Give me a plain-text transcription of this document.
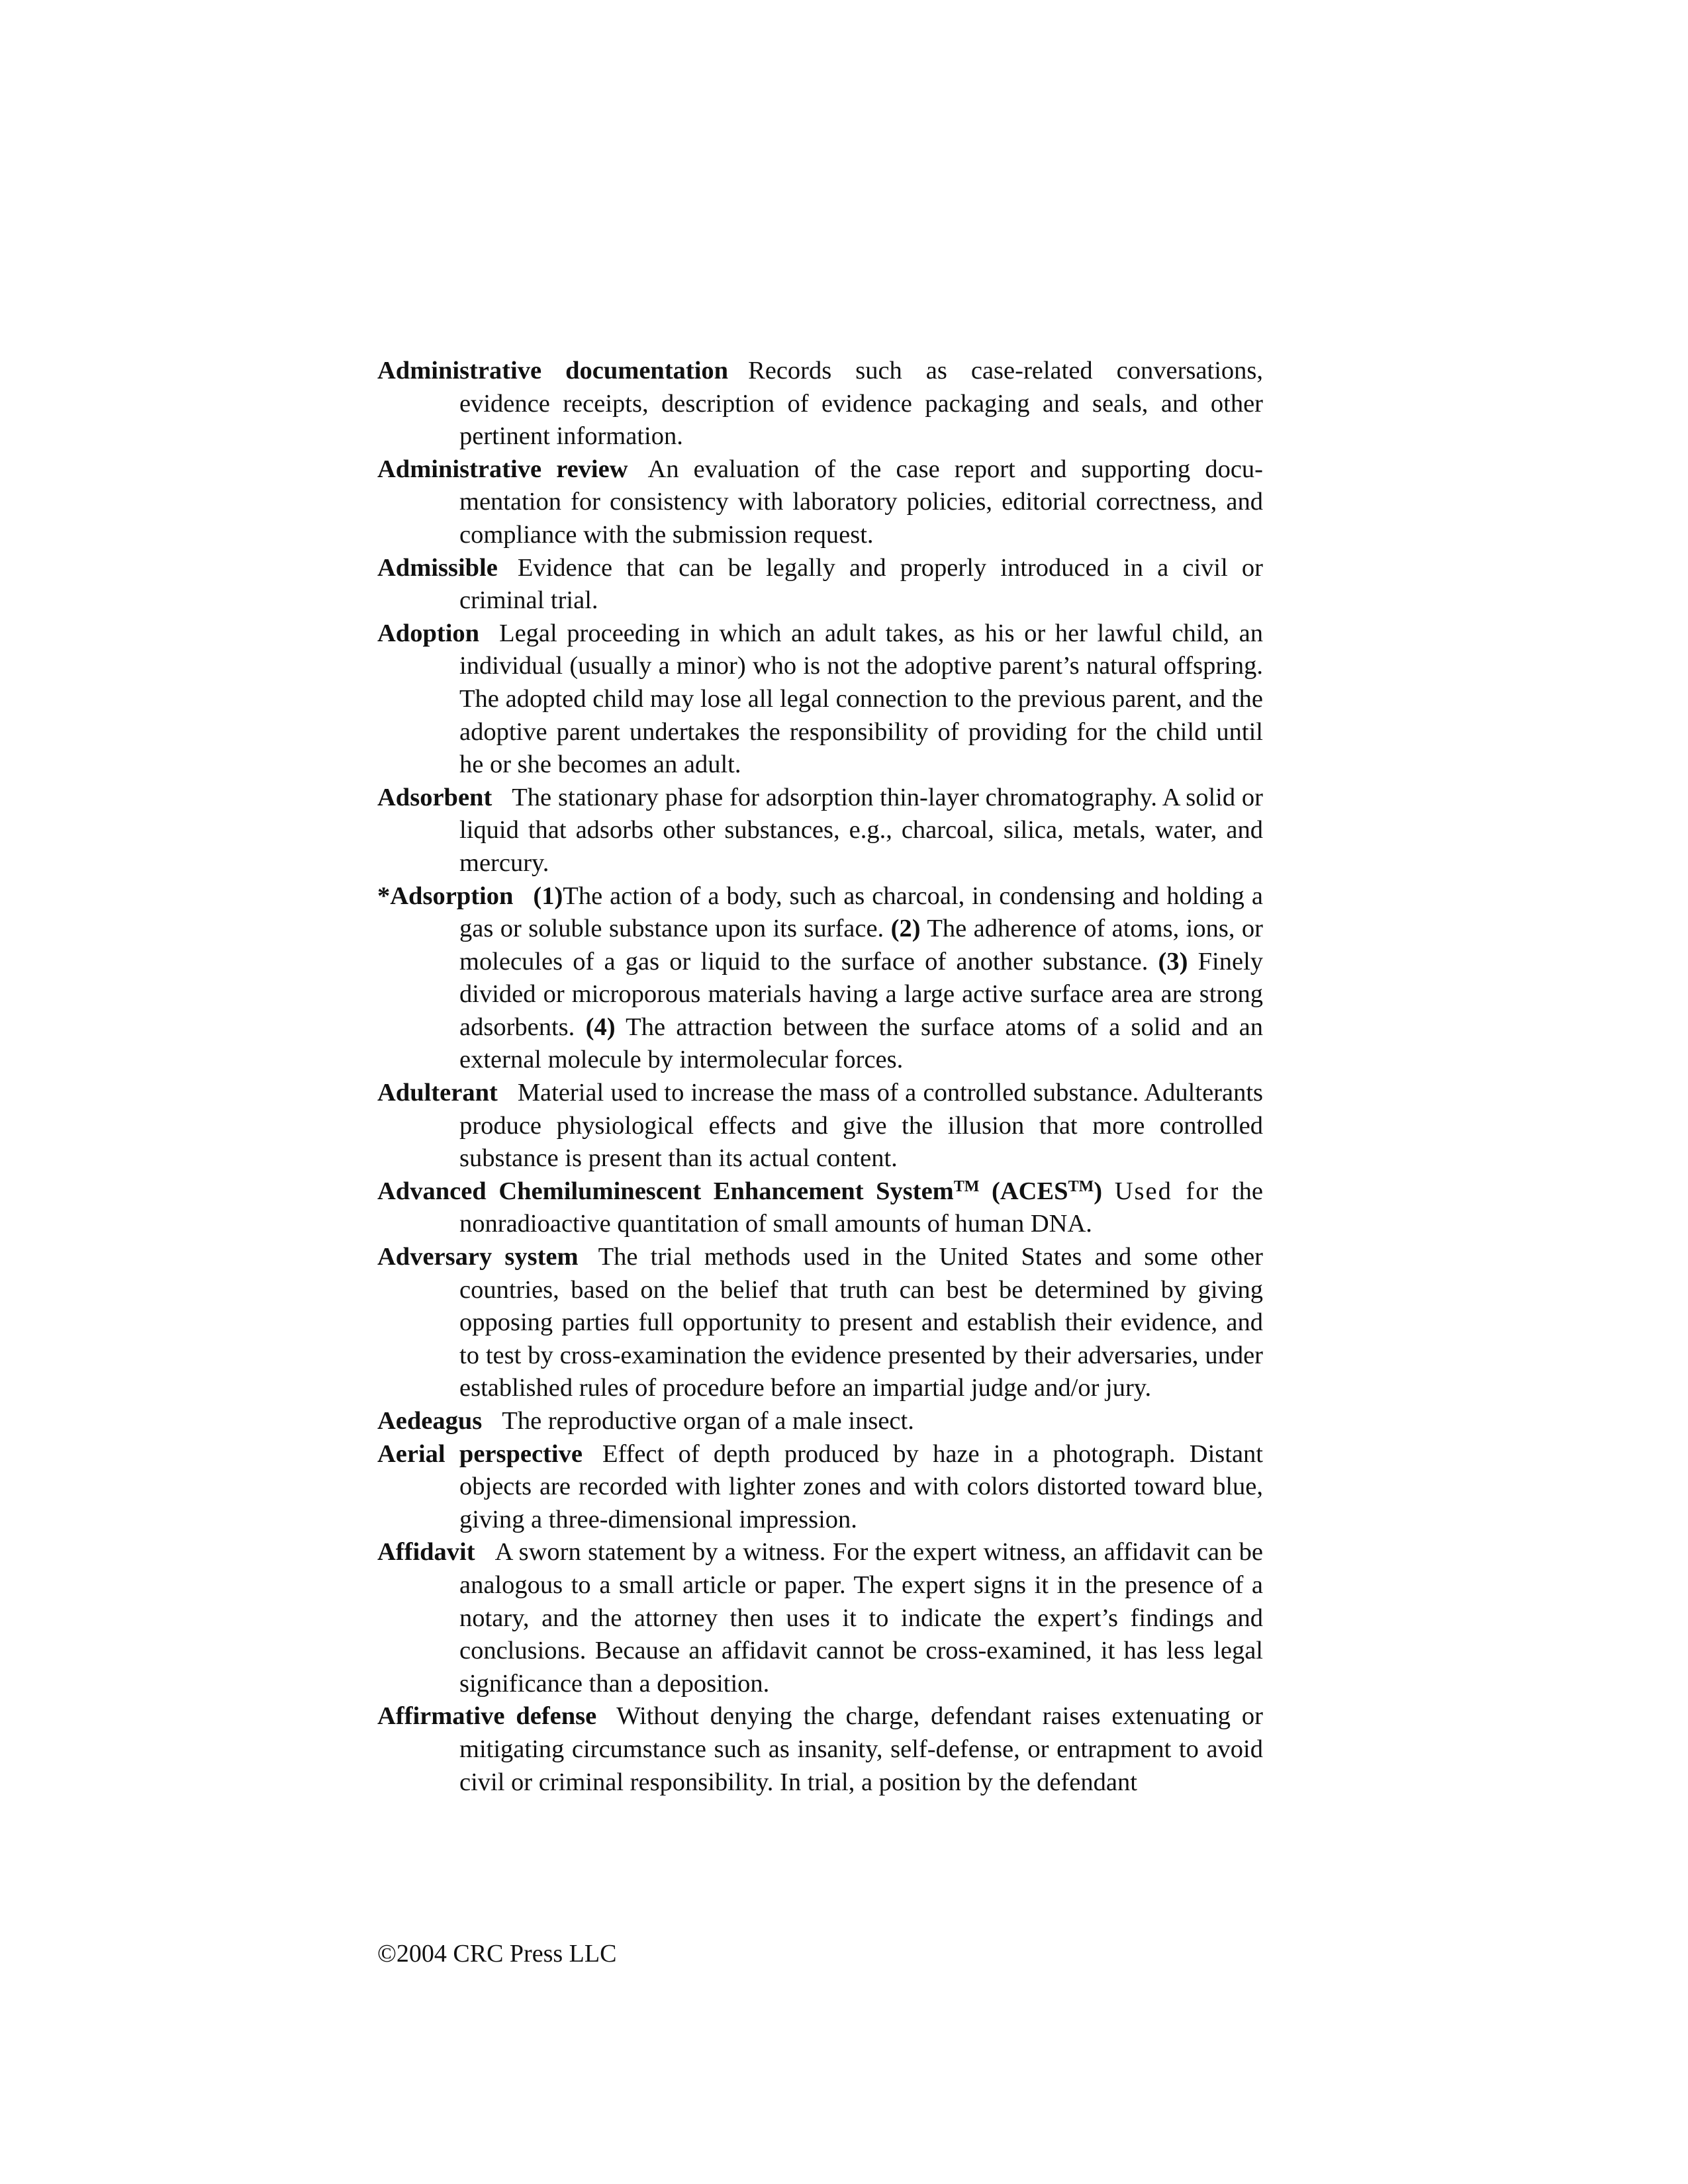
Administrative documentation Records such as case-related conversations, evidence receipts, description of evidence packaging and seals, and other pertinent information.

Administrative review An evaluation of the case report and supporting documentation for consistency with laboratory policies, editorial correctness, and compliance with the submission request.

Admissible Evidence that can be legally and properly introduced in a civil or criminal trial.

Adoption Legal proceeding in which an adult takes, as his or her lawful child, an individual (usually a minor) who is not the adoptive parent’s natural offspring. The adopted child may lose all legal connection to the previous parent, and the adoptive parent undertakes the responsibility of providing for the child until he or she becomes an adult.

Adsorbent The stationary phase for adsorption thin-layer chromatography. A solid or liquid that adsorbs other substances, e.g., charcoal, silica, metals, water, and mercury.

*Adsorption (1)The action of a body, such as charcoal, in condensing and holding a gas or soluble substance upon its surface. (2) The adherence of atoms, ions, or molecules of a gas or liquid to the surface of another substance. (3) Finely divided or microporous materials having a large active surface area are strong adsorbents. (4) The attraction between the surface atoms of a solid and an external molecule by intermolecular forces.

Adulterant Material used to increase the mass of a controlled substance. Adulterants produce physiological effects and give the illusion that more controlled substance is present than its actual content.

Advanced Chemiluminescent Enhancement System™ (ACES™) Used for the nonradioactive quantitation of small amounts of human DNA.

Adversary system The trial methods used in the United States and some other countries, based on the belief that truth can best be determined by giving opposing parties full opportunity to present and establish their evidence, and to test by cross-examination the evidence presented by their adversaries, under established rules of procedure before an impartial judge and/or jury.

Aedeagus The reproductive organ of a male insect.

Aerial perspective Effect of depth produced by haze in a photograph. Distant objects are recorded with lighter zones and with colors distorted toward blue, giving a three-dimensional impression.

Affidavit A sworn statement by a witness. For the expert witness, an affidavit can be analogous to a small article or paper. The expert signs it in the presence of a notary, and the attorney then uses it to indicate the expert’s findings and conclusions. Because an affidavit cannot be cross-examined, it has less legal significance than a deposition.

Affirmative defense Without denying the charge, defendant raises extenuating or mitigating circumstance such as insanity, self-defense, or entrapment to avoid civil or criminal responsibility. In trial, a position by the defendant

©2004 CRC Press LLC
